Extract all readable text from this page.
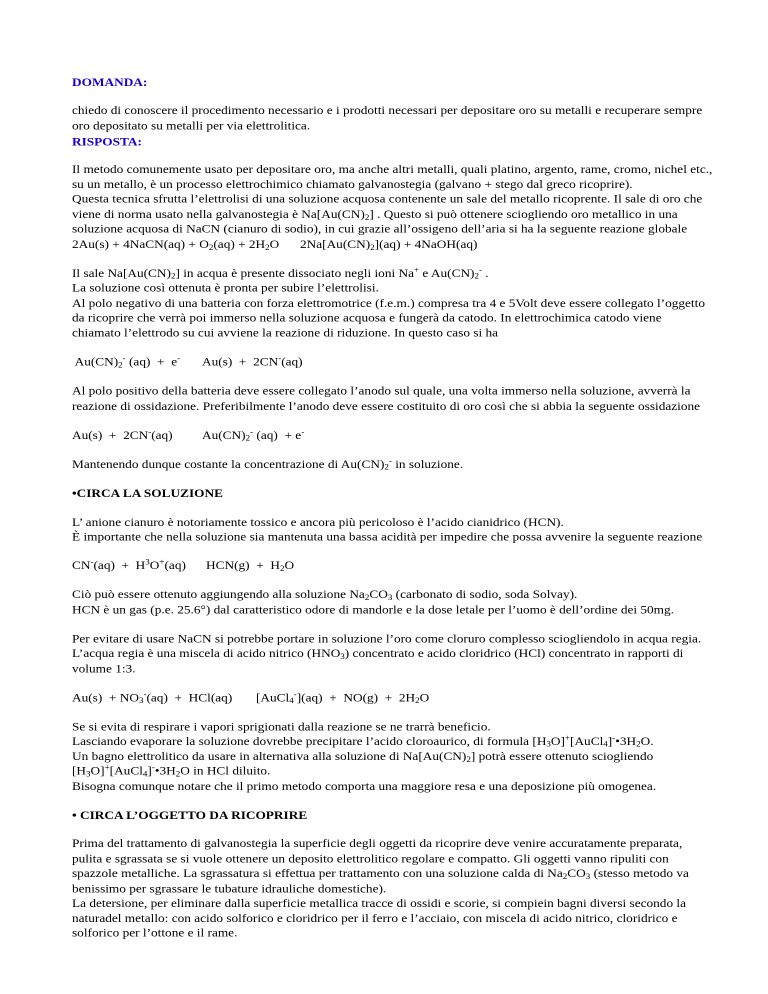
DOMANDA:
chiedo di conoscere il procedimento necessario e i prodotti necessari per depositare oro su metalli e recuperare sempre
oro depositato su metalli per via elettrolitica.
RISPOSTA:
Il metodo comunemente usato per depositare oro, ma anche altri metalli, quali platino, argento, rame, cromo, nichel etc.,
su un metallo, è un processo elettrochimico chiamato galvanostegia (galvano + stego dal greco ricoprire).
Questa tecnica sfrutta l’elettrolisi di una soluzione acquosa contenente un sale del metallo ricoprente. Il sale di oro che
viene di norma usato nella galvanostegia è $Na[Au(CN)_2]$ . Questo si può ottenere sciogliendo oro metallico in una
soluzione acquosa di NaCN (cianuro di sodio), in cui grazie all’ossigeno dell’aria si ha la seguente reazione globale
2Au(s) + 4NaCN(aq) + $O_2(aq) + 2H_2O$	$2Na[Au(CN)_2](aq)$ + 4NaOH(aq)
Il sale $Na[Au(CN)_2]$ in acqua è presente dissociato negli ioni Na+ e $Au(CN)_2^-$ .
La soluzione così ottenuta è pronta per subire l’elettrolisi.
Al polo negativo di una batteria con forza elettromotrice (f.e.m.) compresa tra 4 e 5Volt deve essere collegato l’oggetto
da ricoprire che verrà poi immerso nella soluzione acquosa e fungerà da catodo. In elettrochimica catodo viene
chiamato l’elettrodo su cui avviene la reazione di riduzione. In questo caso si ha
$Au(CN)_2^-$ (aq)  +  e-	Au(s)  +  2CN-(aq)
Al polo positivo della batteria deve essere collegato l’anodo sul quale, una volta immerso nella soluzione, avverrà la
reazione di ossidazione. Preferibilmente l’anodo deve essere costituito di oro così che si abbia la seguente ossidazione
Au(s)  +  2CN-(aq)	$Au(CN)_2^-$ (aq)  + e-
Mantenendo dunque costante la concentrazione di $Au(CN)_2^-$ in soluzione.
•CIRCA LA SOLUZIONE
L’ anione cianuro è notoriamente tossico e ancora più pericoloso è l’acido cianidrico (HCN).
È importante che nella soluzione sia mantenuta una bassa acidità per impedire che possa avvenire la seguente reazione
$CN^-(aq) + H^3O^+(aq)$	$HCN(g) + H_2O$
Ciò può essere ottenuto aggiungendo alla soluzione $Na_2CO_3$ (carbonato di sodio, soda Solvay).
HCN è un gas (p.e. 25.6°) dal caratteristico odore di mandorle e la dose letale per l’uomo è dell’ordine dei 50mg.
Per evitare di usare NaCN si potrebbe portare in soluzione l’oro come cloruro complesso sciogliendolo in acqua regia.
L’acqua regia è una miscela di acido nitrico $(HNO_3)$ concentrato e acido cloridrico (HCl) concentrato in rapporti di
volume 1:3.
$Au(s) + NO_3^-(aq) + HCl(aq)$	[AuCl$_4$-](aq)  +  $NO(g) + 2H_2O$
Se si evita di respirare i vapori sprigionati dalla reazione se ne trarrà beneficio.
Lasciando evaporare la soluzione dovrebbe precipitare l’acido cloroaurico, di formula $[H_3O]^+[AuCl_4]^-•3H_2O$.
Un bagno elettrolitico da usare in alternativa alla soluzione di $Na[Au(CN)_2]$ potrà essere ottenuto sciogliendo
$[H_3O]^+[AuCl_4]^-•3H_2O$ in HCl diluito.
Bisogna comunque notare che il primo metodo comporta una maggiore resa e una deposizione più omogenea.
• CIRCA L’OGGETTO DA RICOPRIRE
Prima del trattamento di galvanostegia la superficie degli oggetti da ricoprire deve venire accuratamente preparata,
pulita e sgrassata se si vuole ottenere un deposito elettrolitico regolare e compatto. Gli oggetti vanno ripuliti con
spazzole metalliche. La sgrassatura si effettua per trattamento con una soluzione calda di $Na_2CO_3$ (stesso metodo va
benissimo per sgrassare le tubature idrauliche domestiche).
La detersione, per eliminare dalla superficie metallica tracce di ossidi e scorie, si compiein bagni diversi secondo la
naturadel metallo: con acido solforico e cloridrico per il ferro e l’acciaio, con miscela di acido nitrico, cloridrico e
solforico per l’ottone e il rame.
